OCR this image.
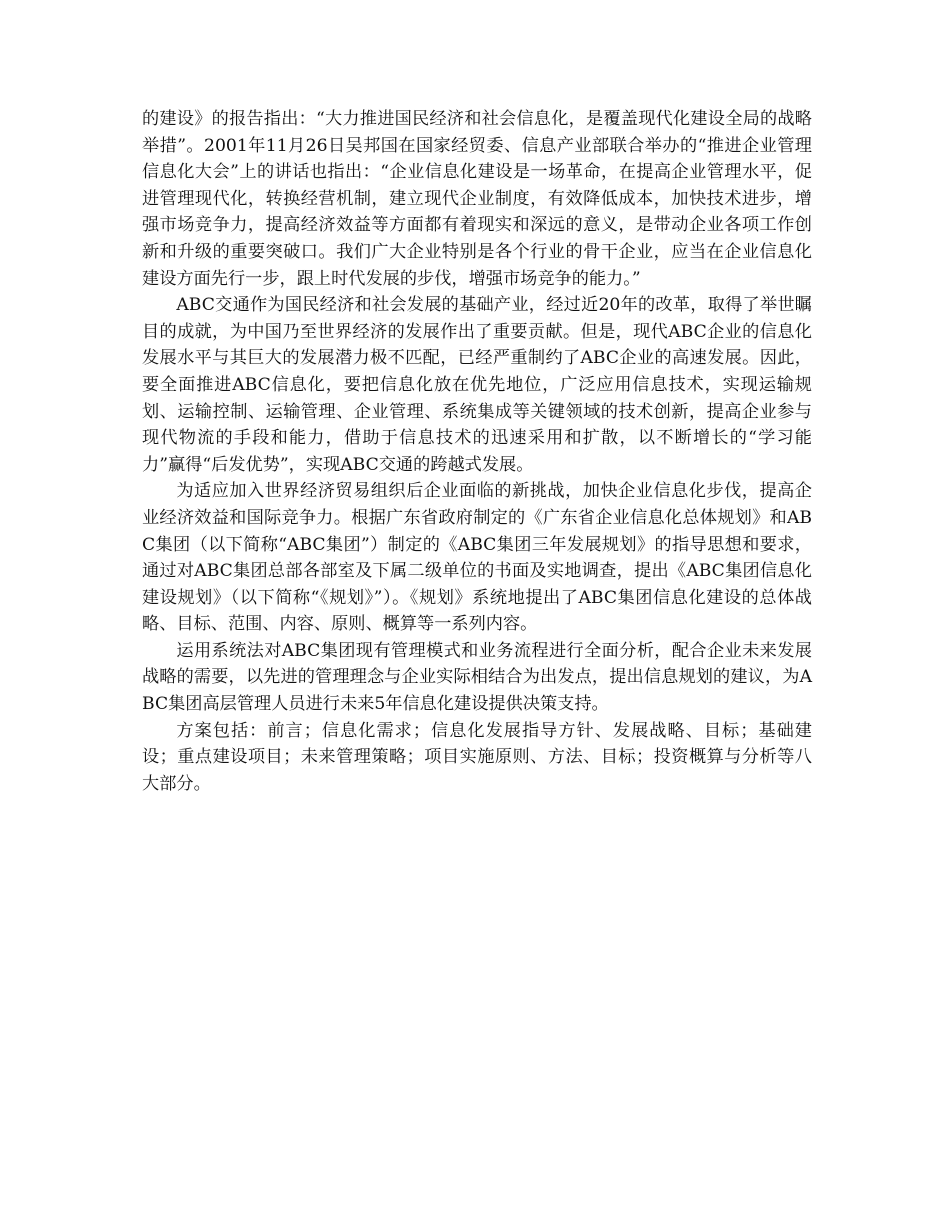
的建设》的报告指出：“大力推进国民经济和社会信息化，是覆盖现代化建设全局的战略举措”。2001年11月26日吴邦国在国家经贸委、信息产业部联合举办的“推进企业管理信息化大会”上的讲话也指出：“企业信息化建设是一场革命，在提高企业管理水平，促进管理现代化，转换经营机制，建立现代企业制度，有效降低成本，加快技术进步，增强市场竞争力，提高经济效益等方面都有着现实和深远的意义，是带动企业各项工作创新和升级的重要突破口。我们广大企业特别是各个行业的骨干企业，应当在企业信息化建设方面先行一步，跟上时代发展的步伐，增强市场竞争的能力。”

ABC交通作为国民经济和社会发展的基础产业，经过近20年的改革，取得了举世瞩目的成就，为中国乃至世界经济的发展作出了重要贡献。但是，现代ABC企业的信息化发展水平与其巨大的发展潜力极不匹配，已经严重制约了ABC企业的高速发展。因此，要全面推进ABC信息化，要把信息化放在优先地位，广泛应用信息技术，实现运输规划、运输控制、运输管理、企业管理、系统集成等关键领域的技术创新，提高企业参与现代物流的手段和能力，借助于信息技术的迅速采用和扩散，以不断增长的“学习能力”赢得“后发优势”，实现ABC交通的跨越式发展。

为适应加入世界经济贸易组织后企业面临的新挑战，加快企业信息化步伐，提高企业经济效益和国际竞争力。根据广东省政府制定的《广东省企业信息化总体规划》和ABC集团（以下简称“ABC集团”）制定的《ABC集团三年发展规划》的指导思想和要求，通过对ABC集团总部各部室及下属二级单位的书面及实地调查，提出《ABC集团信息化建设规划》（以下简称“《规划》”）。《规划》系统地提出了ABC集团信息化建设的总体战略、目标、范围、内容、原则、概算等一系列内容。

运用系统法对ABC集团现有管理模式和业务流程进行全面分析，配合企业未来发展战略的需要，以先进的管理理念与企业实际相结合为出发点，提出信息规划的建议，为ABC集团高层管理人员进行未来5年信息化建设提供决策支持。

方案包括：前言；信息化需求；信息化发展指导方针、发展战略、目标；基础建设；重点建设项目；未来管理策略；项目实施原则、方法、目标；投资概算与分析等八大部分。
